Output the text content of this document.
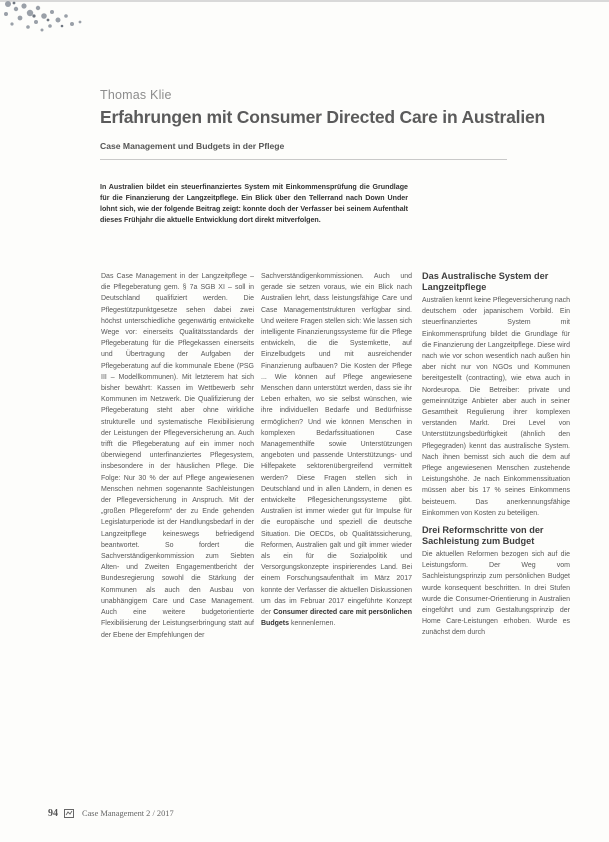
Thomas Klie
Erfahrungen mit Consumer Directed Care in Australien
Case Management und Budgets in der Pflege

In Australien bildet ein steuerfinanziertes System mit Einkommensprüfung die Grundlage für die Finanzierung der Langzeitpflege. Ein Blick über den Tellerrand nach Down Under lohnt sich, wie der folgende Beitrag zeigt: konnte doch der Verfasser bei seinem Aufenthalt dieses Frühjahr die aktuelle Entwicklung dort direkt mitverfolgen.

Das Case Management in der Langzeitpflege – die Pflegeberatung gem. § 7a SGB XI – soll in Deutschland qualifiziert werden. Die Pflegestützpunktgesetze sehen dabei zwei höchst unterschiedliche gegenwärtig entwickelte Wege vor: einerseits Qualitätsstandards der Pflegeberatung für die Pflegekassen einerseits und Übertragung der Aufgaben der Pflegeberatung auf die kommunale Ebene (PSG III – Modellkommunen). Mit letzterem hat sich bisher bewährt: Kassen im Wettbewerb sehr Kommunen im Netzwerk. Die Qualifizierung der Pflegeberatung steht aber ohne wirkliche strukturelle und systematische Flexibilisierung der Leistungen der Pflegeversicherung an. Auch trifft die Pflegeberatung auf ein immer noch überwiegend unterfinanziertes Pflegesystem, insbesondere in der häuslichen Pflege. Die Folge: Nur 30 % der auf Pflege angewiesenen Menschen nehmen sogenannte Sachleistungen der Pflegeversicherung in Anspruch. Mit der „großen Pflegereform“ der zu Ende gehenden Legislaturperiode ist der Handlungsbedarf in der Langzeitpflege keineswegs befriedigend beantwortet. So fordert die Sachverständigenkommission zum Siebten Alten- und Zweiten Engagementbericht der Bundesregierung sowohl die Stärkung der Kommunen als auch den Ausbau von unabhängigem Care und Case Management. Auch eine weitere budgetorientierte Flexibilisierung der Leistungserbringung statt auf der Ebene der Empfehlungen der

Sachverständigenkommissionen. Auch und gerade sie setzen voraus, wie ein Blick nach Australien lehrt, dass leistungsfähige Care und Case Managementstrukturen verfügbar sind. Und weitere Fragen stellen sich: Wie lassen sich intelligente Finanzierungssysteme für die Pflege entwickeln, die die Systemkette, auf Einzelbudgets und mit ausreichender Finanzierung aufbauen? Die Kosten der Pflege ... Wie können auf Pflege angewiesene Menschen dann unterstützt werden, dass sie ihr Leben erhalten, wo sie selbst wünschen, wie ihre individuellen Bedarfe und Bedürfnisse ermöglichen? Und wie können Menschen in komplexen Bedarfssituationen Case Managementhilfe sowie Unterstützungen angeboten und passende Unterstützungs- und Hilfepakete sektorenübergreifend vermittelt werden? Diese Fragen stellen sich in Deutschland und in allen Ländern, in denen es entwickelte Pflegesicherungssysteme gibt. Australien ist immer wieder gut für Impulse für die europäische und speziell die deutsche Situation. Die OECDs, ob Qualitätssicherung, Reformen, Australien galt und gilt immer wieder als ein für die Sozialpolitik und Versorgungskonzepte inspirierendes Land. Bei einem Forschungsaufenthalt im März 2017 konnte der Verfasser die aktuellen Diskussionen um das im Februar 2017 eingeführte Konzept der Consumer directed care mit persönlichen Budgets kennenlernen.

Das Australische System der Langzeitpflege

Australien kennt keine Pflegeversicherung nach deutschem oder japanischem Vorbild. Ein steuerfinanziertes System mit Einkommensprüfung bildet die Grundlage für die Finanzierung der Langzeitpflege. Diese wird nach wie vor schon wesentlich nach außen hin aber nicht nur von NGOs und Kommunen bereitgestellt (contracting), wie etwa auch in Nordeuropa. Die Betreiber: private und gemeinnützige Anbieter aber auch in seiner Gesamtheit Regulierung ihrer komplexen verstanden Markt. Drei Level von Unterstützungsbedürftigkeit (ähnlich den Pflegegraden) kennt das australische System. Nach ihnen bemisst sich auch die dem auf Pflege angewiesenen Menschen zustehende Leistungshöhe. Je nach Einkommenssituation müssen aber bis 17 % seines Einkommens beisteuern. Das anerkennungsfähige Einkommen von Kosten zu beteiligen.

Drei Reformschritte von der Sachleistung zum Budget

Die aktuellen Reformen bezogen sich auf die Leistungsform. Der Weg vom Sachleistungsprinzip zum persönlichen Budget wurde konsequent beschritten. In drei Stufen wurde die Consumer-Orientierung in Australien eingeführt und zum Gestaltungsprinzip der Home Care-Leistungen erhoben. Wurde es zunächst dem durch

94	Case Management 2 / 2017
